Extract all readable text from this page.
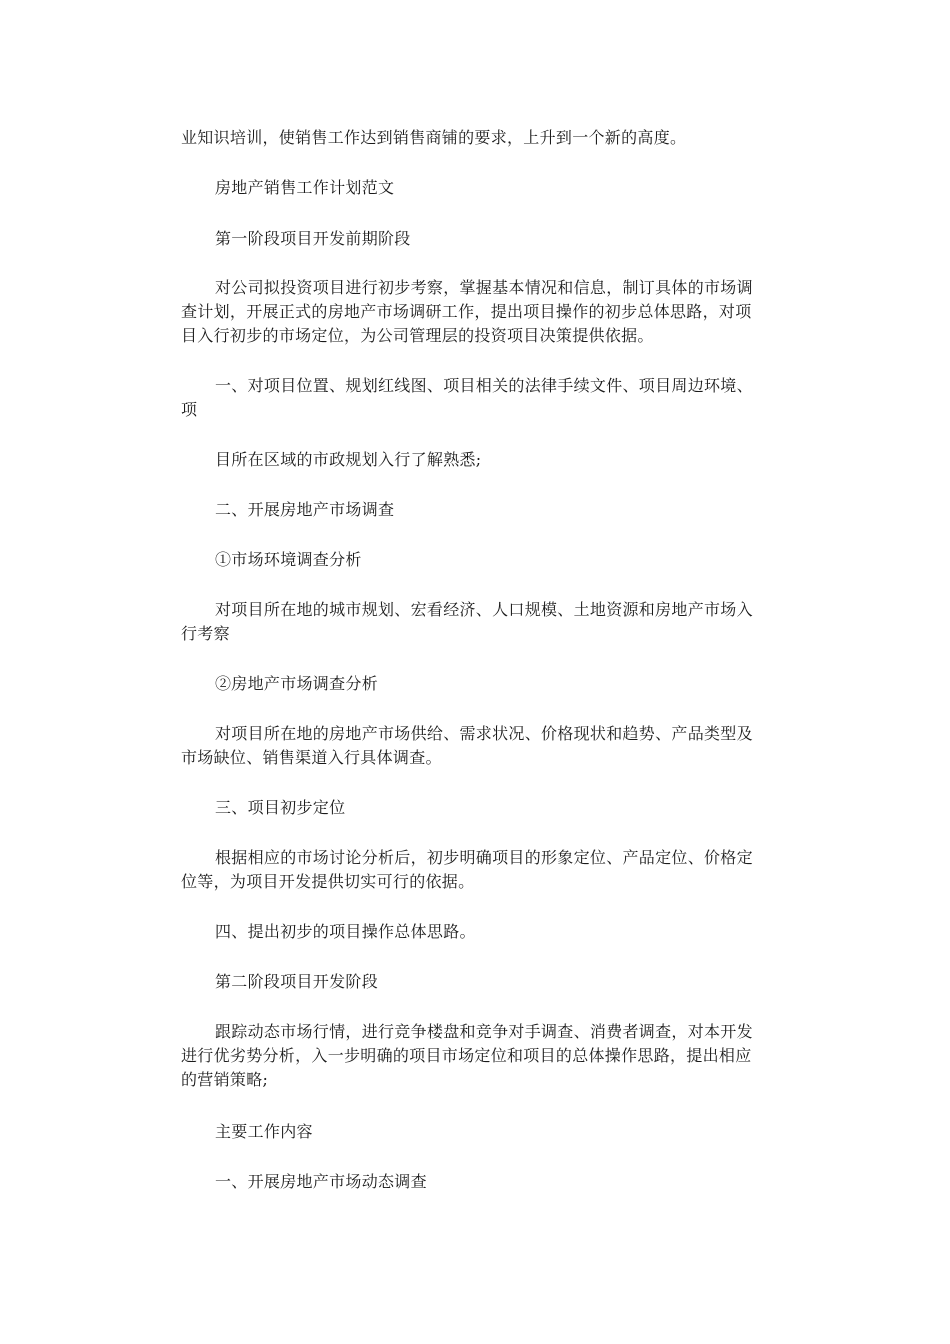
业知识培训，使销售工作达到销售商铺的要求，上升到一个新的高度。
房地产销售工作计划范文
第一阶段项目开发前期阶段
对公司拟投资项目进行初步考察，掌握基本情况和信息，制订具体的市场调
查计划，开展正式的房地产市场调研工作，提出项目操作的初步总体思路，对项
目入行初步的市场定位，为公司管理层的投资项目决策提供依据。
一、对项目位置、规划红线图、项目相关的法律手续文件、项目周边环境、
项
目所在区域的市政规划入行了解熟悉;
二、开展房地产市场调查
①市场环境调查分析
对项目所在地的城市规划、宏看经济、人口规模、土地资源和房地产市场入
行考察
②房地产市场调查分析
对项目所在地的房地产市场供给、需求状况、价格现状和趋势、产品类型及
市场缺位、销售渠道入行具体调查。
三、项目初步定位
根据相应的市场讨论分析后，初步明确项目的形象定位、产品定位、价格定
位等，为项目开发提供切实可行的依据。
四、提出初步的项目操作总体思路。
第二阶段项目开发阶段
跟踪动态市场行情，进行竞争楼盘和竞争对手调查、消费者调查，对本开发
进行优劣势分析，入一步明确的项目市场定位和项目的总体操作思路，提出相应
的营销策略;
主要工作内容
一、开展房地产市场动态调查
